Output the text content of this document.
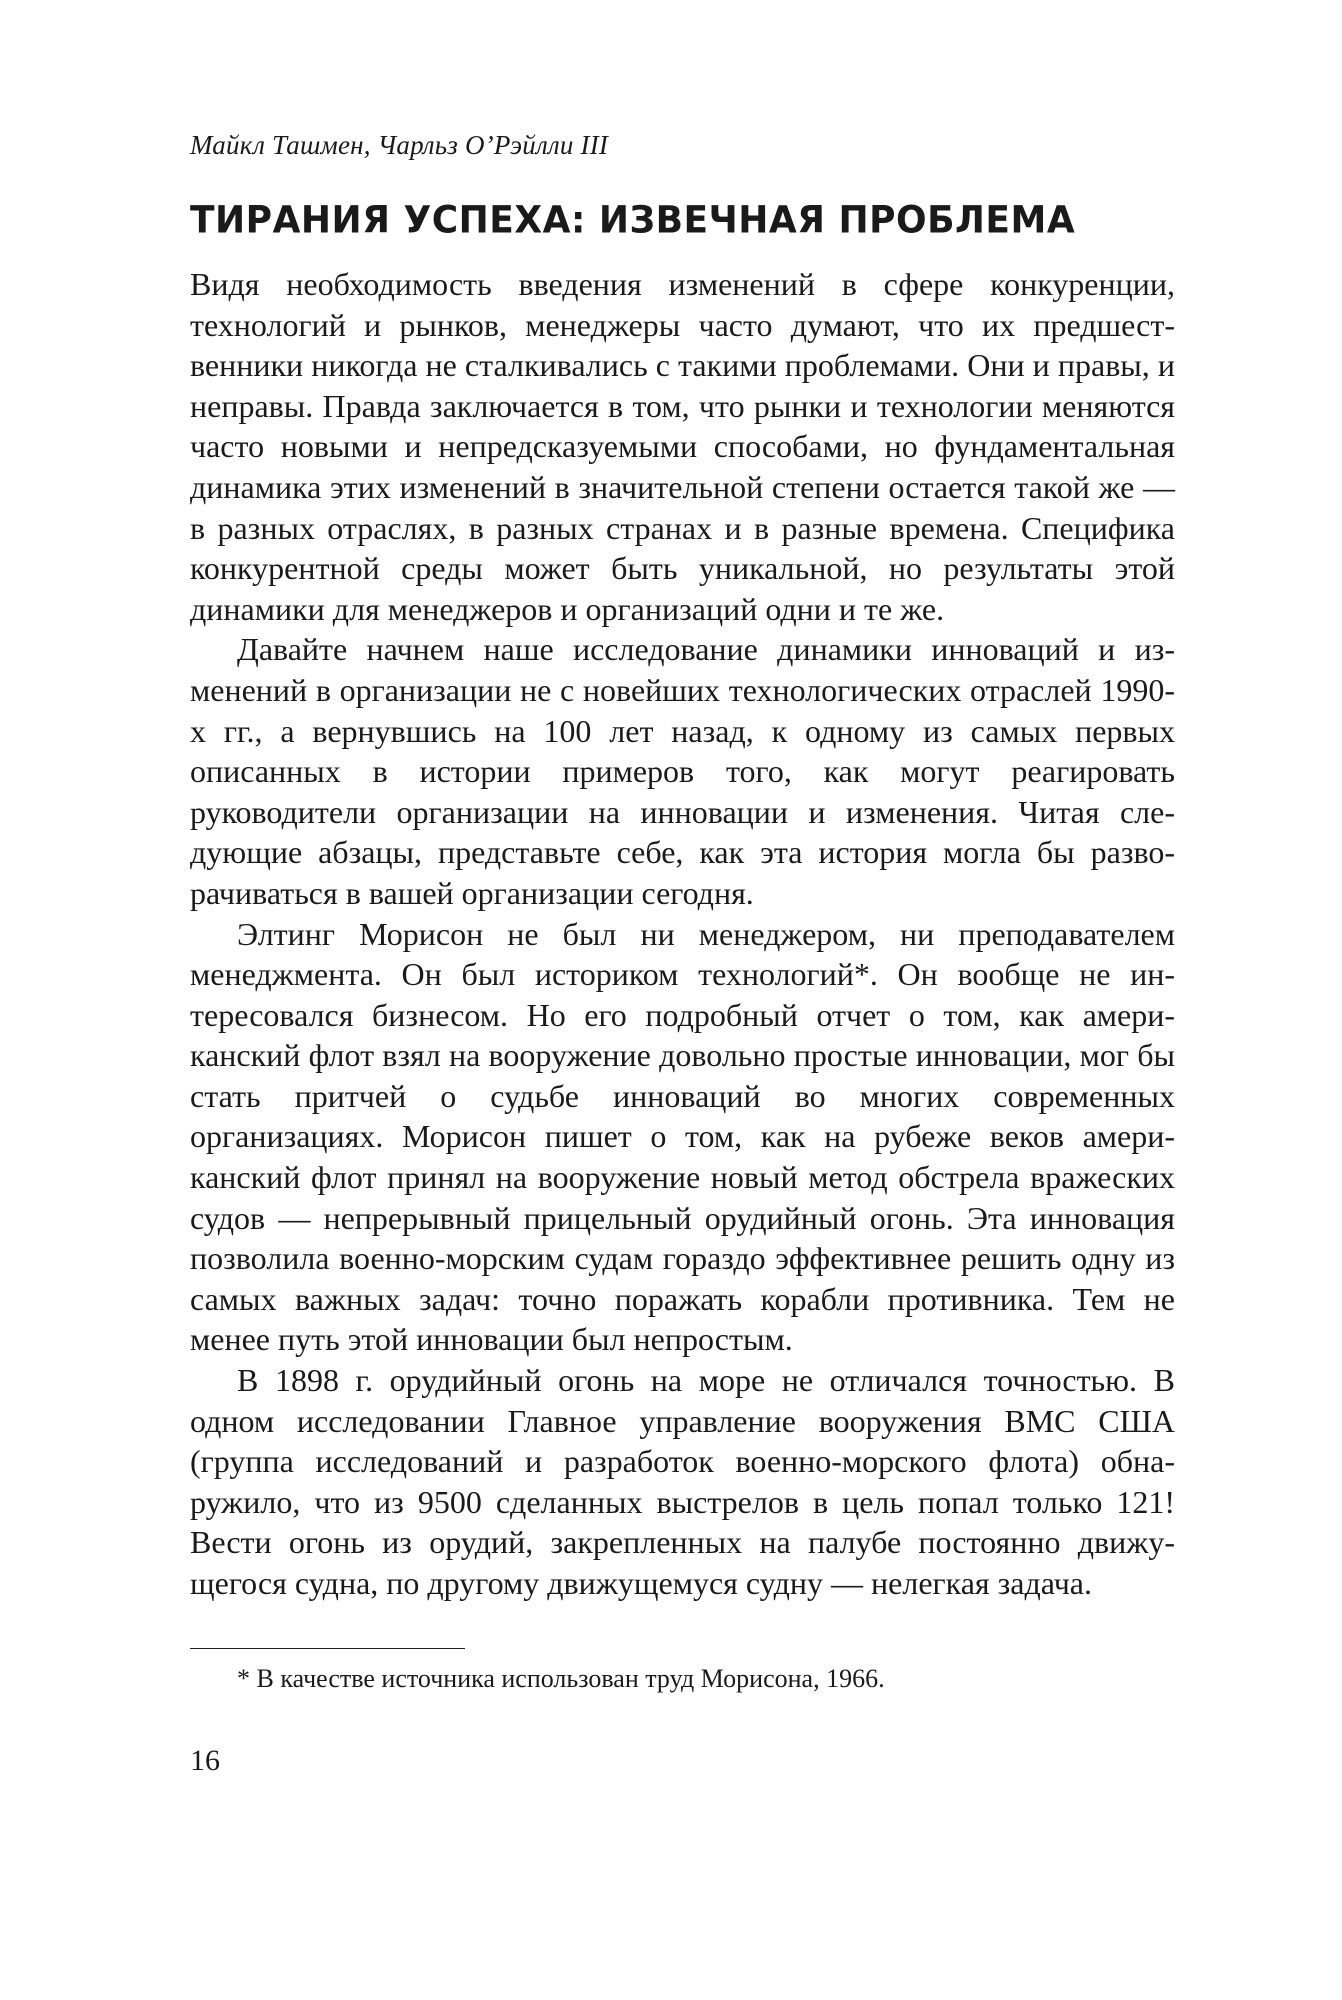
Майкл Ташмен, Чарльз О’Рэйлли III
ТИРАНИЯ УСПЕХА: ИЗВЕЧНАЯ ПРОБЛЕМА

Видя необходимость введения изменений в сфере конкуренции, технологий и рынков, менеджеры часто думают, что их предшественники никогда не сталкивались с такими проблемами. Они и правы, и неправы. Правда заключается в том, что рынки и технологии меняются часто новыми и непредсказуемыми способами, но фундаментальная динамика этих изменений в значительной степени остается такой же — в разных отраслях, в разных странах и в разные времена. Специфика конкурентной среды может быть уникальной, но результаты этой динамики для менеджеров и организаций одни и те же.

Давайте начнем наше исследование динамики инноваций и изменений в организации не с новейших технологических отраслей 1990-х гг., а вернувшись на 100 лет назад, к одному из самых первых описанных в истории примеров того, как могут реагировать руководители организации на инновации и изменения. Читая следующие абзацы, представьте себе, как эта история могла бы разворачиваться в вашей организации сегодня.

Элтинг Морисон не был ни менеджером, ни преподавателем менеджмента. Он был историком технологий*. Он вообще не интересовался бизнесом. Но его подробный отчет о том, как американский флот взял на вооружение довольно простые инновации, мог бы стать притчей о судьбе инноваций во многих современных организациях. Морисон пишет о том, как на рубеже веков американский флот принял на вооружение новый метод обстрела вражеских судов — непрерывный прицельный орудийный огонь. Эта инновация позволила военно-морским судам гораздо эффективнее решить одну из самых важных задач: точно поражать корабли противника. Тем не менее путь этой инновации был непростым.

В 1898 г. орудийный огонь на море не отличался точностью. В одном исследовании Главное управление вооружения ВМС США (группа исследований и разработок военно-морского флота) обнаружило, что из 9500 сделанных выстрелов в цель попал только 121! Вести огонь из орудий, закрепленных на палубе постоянно движущегося судна, по другому движущемуся судну — нелегкая задача.

* В качестве источника использован труд Морисона, 1966.
16
